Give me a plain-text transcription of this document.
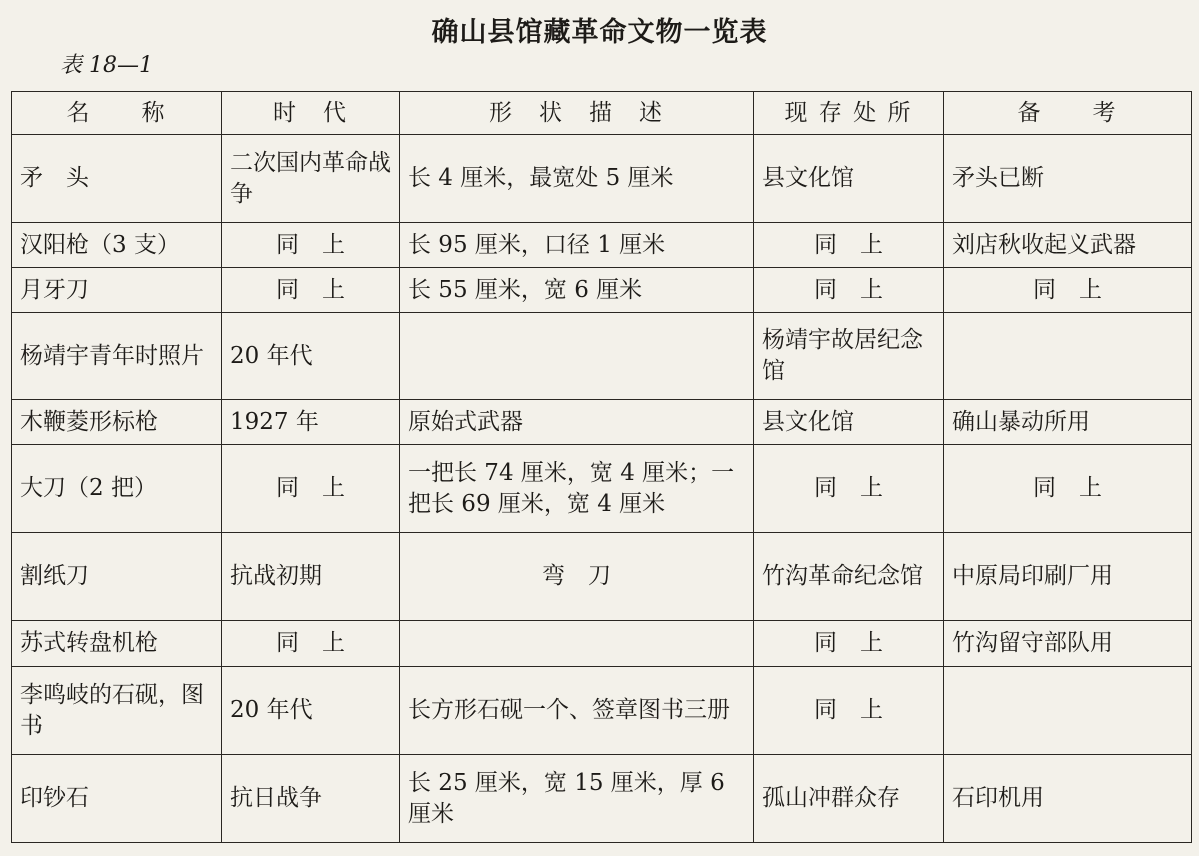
确山县馆藏革命文物一览表
表 18—1
名　　称	时　代	形　状　描　述	现 存 处 所	备　　考
矛　头	二次国内革命战争	长 4 厘米，最宽处 5 厘米	县文化馆	矛头已断
汉阳枪（3 支）	同　上	长 95 厘米，口径 1 厘米	同　上	刘店秋收起义武器
月牙刀	同　上	长 55 厘米，宽 6 厘米	同　上	同　上
杨靖宇青年时照片	20 年代		杨靖宇故居纪念馆	
木鞭菱形标枪	1927 年	原始式武器	县文化馆	确山暴动所用
大刀（2 把）	同　上	一把长 74 厘米，宽 4 厘米；一把长 69 厘米，宽 4 厘米	同　上	同　上
割纸刀	抗战初期	弯　刀	竹沟革命纪念馆	中原局印刷厂用
苏式转盘机枪	同　上		同　上	竹沟留守部队用
李鸣岐的石砚，图书	20 年代	长方形石砚一个、签章图书三册	同　上	
印钞石	抗日战争	长 25 厘米，宽 15 厘米，厚 6 厘米	孤山冲群众存	石印机用
